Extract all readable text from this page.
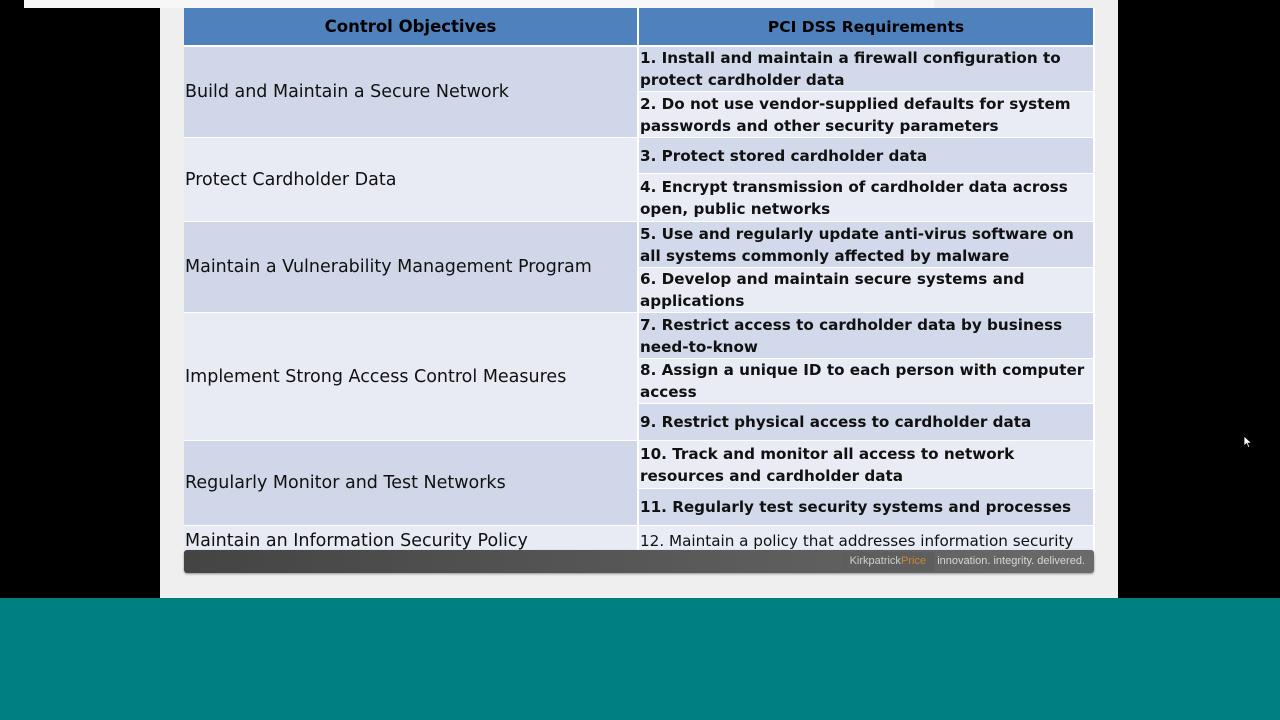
Control Objectives	PCI DSS Requirements
Build and Maintain a Secure Network	1. Install and maintain a firewall configuration to protect cardholder data
	2. Do not use vendor-supplied defaults for system passwords and other security parameters
Protect Cardholder Data	3. Protect stored cardholder data
	4. Encrypt transmission of cardholder data across open, public networks
Maintain a Vulnerability Management Program	5. Use and regularly update anti-virus software on all systems commonly affected by malware
	6. Develop and maintain secure systems and applications
Implement Strong Access Control Measures	7. Restrict access to cardholder data by business need-to-know
	8. Assign a unique ID to each person with computer access
	9. Restrict physical access to cardholder data
Regularly Monitor and Test Networks	10. Track and monitor all access to network resources and cardholder data
	11. Regularly test security systems and processes
Maintain an Information Security Policy	12. Maintain a policy that addresses information security
KirkpatrickPrice	innovation. integrity. delivered.
